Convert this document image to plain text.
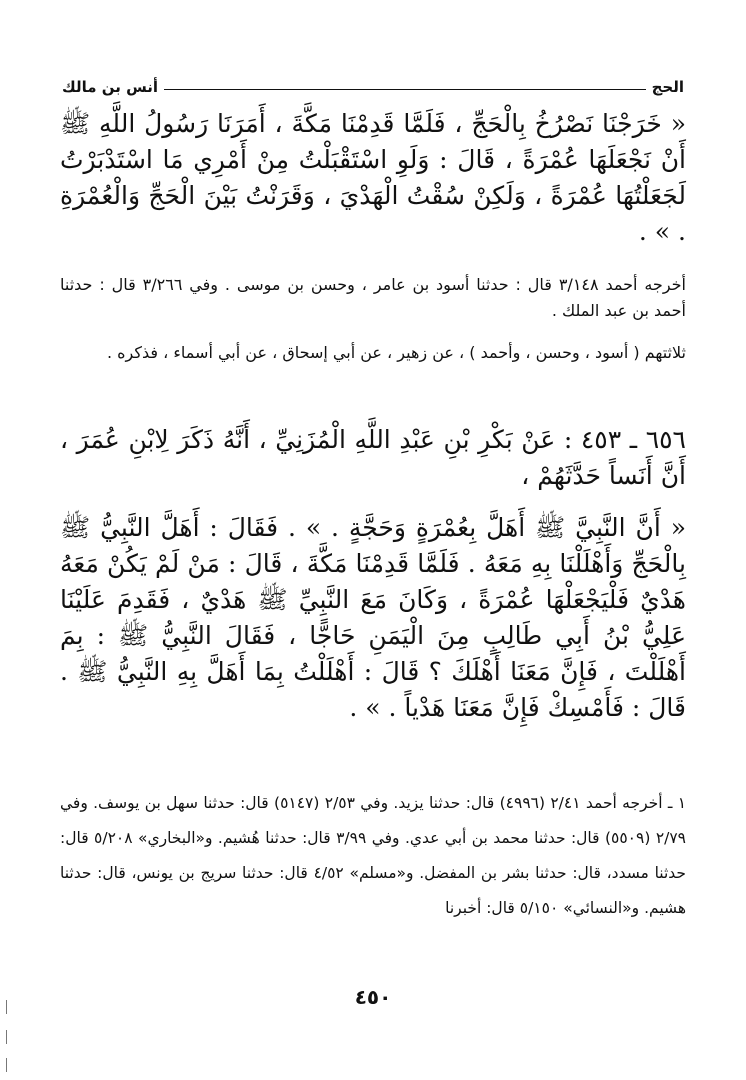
الحج
أنس بن مالك

« خَرَجْنَا نَصْرُخُ بِالْحَجِّ ، فَلَمَّا قَدِمْنَا مَكَّةَ ، أَمَرَنَا رَسُولُ اللَّهِ ﷺ أَنْ نَجْعَلَهَا عُمْرَةً ، قَالَ : وَلَوِ اسْتَقْبَلْتُ مِنْ أَمْرِي مَا اسْتَدْبَرْتُ لَجَعَلْتُهَا عُمْرَةً ، وَلَكِنْ سُقْتُ الْهَدْيَ ، وَقَرَنْتُ بَيْنَ الْحَجِّ وَالْعُمْرَةِ . » .

أخرجه أحمد ٣/١٤٨ قال : حدثنا أسود بن عامر ، وحسن بن موسى . وفي ٣/٢٦٦ قال : حدثنا أحمد بن عبد الملك .

ثلاثتهم ( أسود ، وحسن ، وأحمد ) ، عن زهير ، عن أبي إسحاق ، عن أبي أسماء ، فذكره .

٦٥٦ ـ ٤٥٣ : عَنْ بَكْرِ بْنِ عَبْدِ اللَّهِ الْمُزَنِيِّ ، أَنَّهُ ذَكَرَ لِابْنِ عُمَرَ ، أَنَّ أَنَساً حَدَّثَهُمْ ،

« أَنَّ النَّبِيَّ ﷺ أَهَلَّ بِعُمْرَةٍ وَحَجَّةٍ . » . فَقَالَ : أَهَلَّ النَّبِيُّ ﷺ بِالْحَجِّ وَأَهْلَلْنَا بِهِ مَعَهُ . فَلَمَّا قَدِمْنَا مَكَّةَ ، قَالَ : مَنْ لَمْ يَكُنْ مَعَهُ هَدْيٌ فَلْيَجْعَلْهَا عُمْرَةً ، وَكَانَ مَعَ النَّبِيِّ ﷺ هَدْيٌ ، فَقَدِمَ عَلَيْنَا عَلِيُّ بْنُ أَبِي طَالِبٍ مِنَ الْيَمَنِ حَاجًّا ، فَقَالَ النَّبِيُّ ﷺ : بِمَ أَهْلَلْتَ ، فَإِنَّ مَعَنَا أَهْلَكَ ؟ قَالَ : أَهْلَلْتُ بِمَا أَهَلَّ بِهِ النَّبِيُّ ﷺ . قَالَ : فَأَمْسِكْ فَإِنَّ مَعَنَا هَدْياً . » .

١ ـ أخرجه أحمد ٢/٤١ (٤٩٩٦) قال: حدثنا يزيد. وفي ٢/٥٣ (٥١٤٧) قال: حدثنا سهل بن يوسف. وفي ٢/٧٩ (٥٥٠٩) قال: حدثنا محمد بن أبي عدي. وفي ٣/٩٩ قال: حدثنا هُشيم. و«البخاري» ٥/٢٠٨ قال: حدثنا مسدد، قال: حدثنا بشر بن المفضل. و«مسلم» ٤/٥٢ قال: حدثنا سريج بن يونس، قال: حدثنا هشيم. و«النسائي» ٥/١٥٠ قال: أخبرنا

٤٥٠
